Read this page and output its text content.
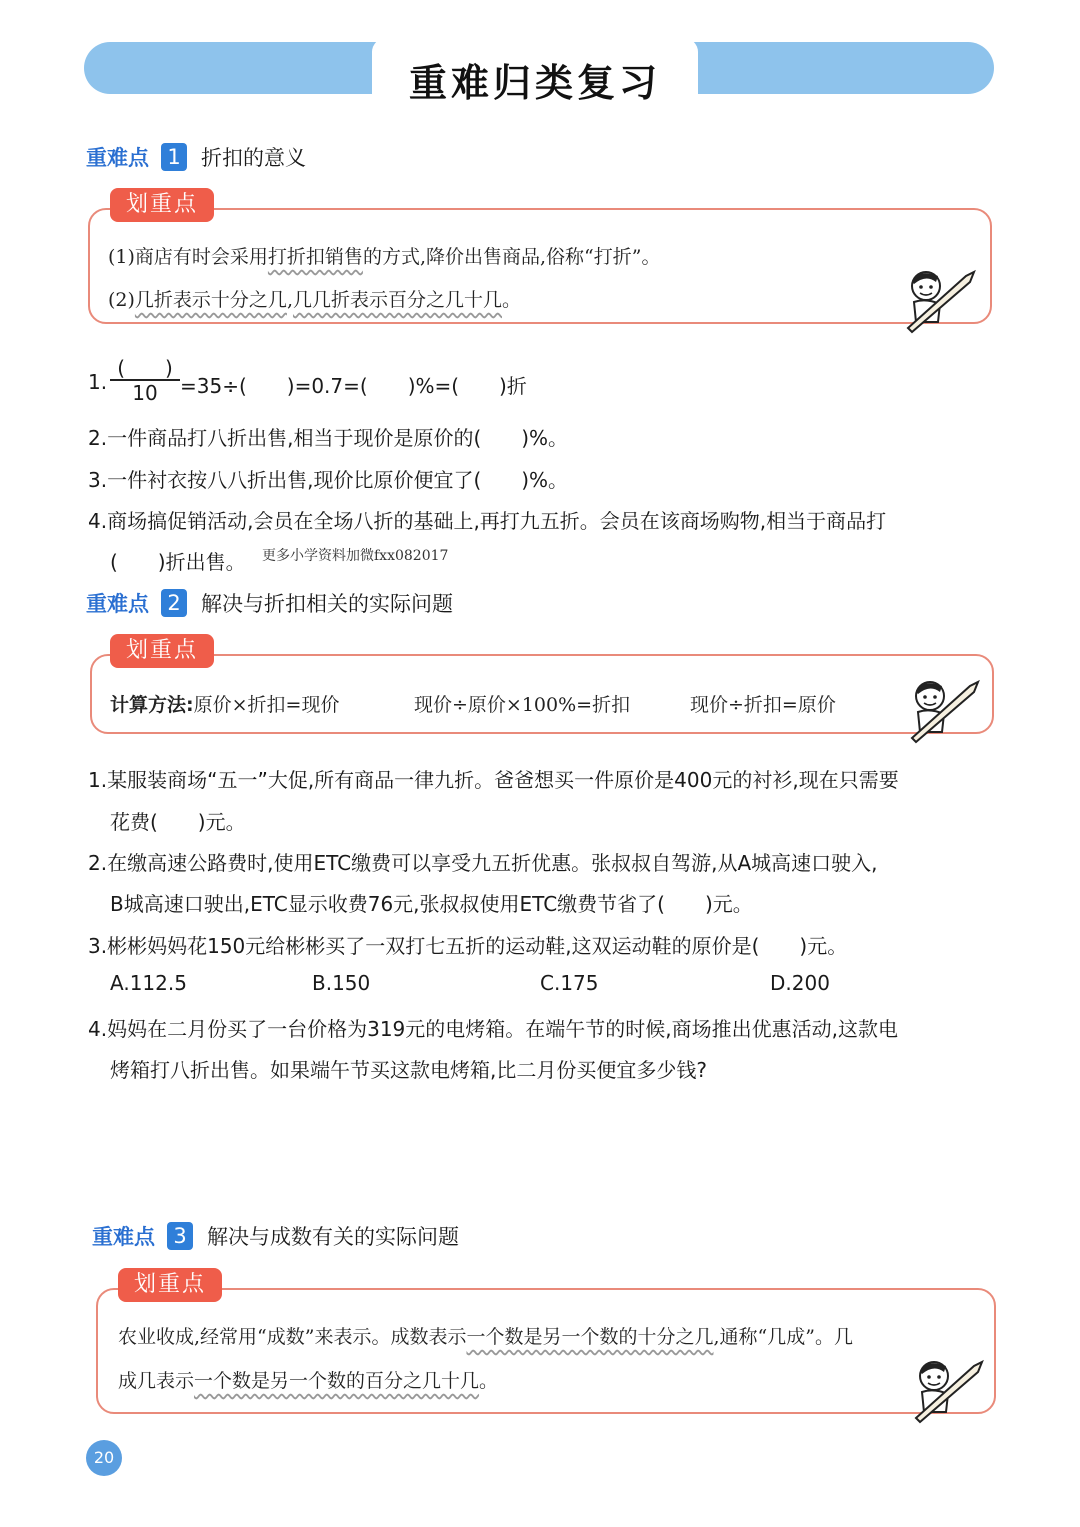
重难归类复习
重难点 1 折扣的意义
划重点
(1)商店有时会采用打折扣销售的方式,降价出售商品,俗称“打折”。
(2)几折表示十分之几,几几折表示百分之几十几。
1.
(　　)
10	=35÷(　　)=0.7=(　　)%=(　　)折
2.一件商品打八折出售,相当于现价是原价的(　　)%。
3.一件衬衣按八八折出售,现价比原价便宜了(　　)%。
4.商场搞促销活动,会员在全场八折的基础上,再打九五折。会员在该商场购物,相当于商品打
(　　)折出售。 更多小学资料加微fxx082017
重难点 2 解决与折扣相关的实际问题
划重点
计算方法:原价×折扣=现价	现价÷原价×100%=折扣	现价÷折扣=原价
1.某服装商场“五一”大促,所有商品一律九折。爸爸想买一件原价是400元的衬衫,现在只需要
花费(　　)元。
2.在缴高速公路费时,使用ETC缴费可以享受九五折优惠。张叔叔自驾游,从A城高速口驶入,
B城高速口驶出,ETC显示收费76元,张叔叔使用ETC缴费节省了(　　)元。
3.彬彬妈妈花150元给彬彬买了一双打七五折的运动鞋,这双运动鞋的原价是(　　)元。
A.112.5	B.150	C.175	D.200
4.妈妈在二月份买了一台价格为319元的电烤箱。在端午节的时候,商场推出优惠活动,这款电
烤箱打八折出售。如果端午节买这款电烤箱,比二月份买便宜多少钱?
重难点 3 解决与成数有关的实际问题
划重点
农业收成,经常用“成数”来表示。成数表示一个数是另一个数的十分之几,通称“几成”。几
成几表示一个数是另一个数的百分之几十几。
20
